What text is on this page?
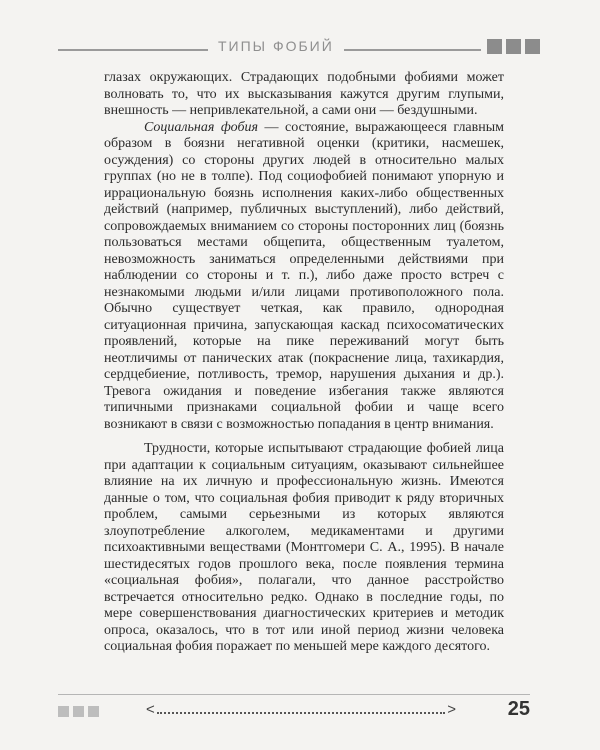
ТИПЫ ФОБИЙ

глазах окружающих. Страдающих подобными фобиями может волновать то, что их высказывания кажутся другим глупыми, внешность — непривлекательной, а сами они — бездушными.

Социальная фобия — состояние, выражающееся главным образом в боязни негативной оценки (критики, насмешек, осуждения) со стороны других людей в относительно малых группах (но не в толпе). Под социофобией понимают упорную и иррациональную боязнь исполнения каких-либо общественных действий (например, публичных выступлений), либо действий, сопровождаемых вниманием со стороны посторонних лиц (боязнь пользоваться местами общепита, общественным туалетом, невозможность заниматься определенными действиями при наблюдении со стороны и т. п.), либо даже просто встреч с незнакомыми людьми и/или лицами противоположного пола. Обычно существует четкая, как правило, однородная ситуационная причина, запускающая каскад психосоматических проявлений, которые на пике переживаний могут быть неотличимы от панических атак (покраснение лица, тахикардия, сердцебиение, потливость, тремор, нарушения дыхания и др.). Тревога ожидания и поведение избегания также являются типичными признаками социальной фобии и чаще всего возникают в связи с возможностью попадания в центр внимания.

Трудности, которые испытывают страдающие фобией лица при адаптации к социальным ситуациям, оказывают сильнейшее влияние на их личную и профессиональную жизнь. Имеются данные о том, что социальная фобия приводит к ряду вторичных проблем, самыми серьезными из которых являются злоупотребление алкоголем, медикаментами и другими психоактивными веществами (Монтгомери С. А., 1995). В начале шестидесятых годов прошлого века, после появления термина «социальная фобия», полагали, что данное расстройство встречается относительно редко. Однако в последние годы, по мере совершенствования диагностических критериев и методик опроса, оказалось, что в тот или иной период жизни человека социальная фобия поражает по меньшей мере каждого десятого.

<	>	25
